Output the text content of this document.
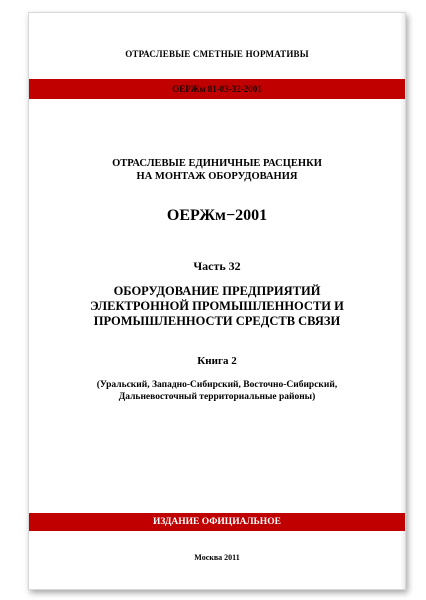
ОТРАСЛЕВЫЕ СМЕТНЫЕ НОРМАТИВЫ
ОЕРЖм 81-03-32-2001
ОТРАСЛЕВЫЕ ЕДИНИЧНЫЕ РАСЦЕНКИ
НА МОНТАЖ ОБОРУДОВАНИЯ
ОЕРЖм−2001
Часть 32
ОБОРУДОВАНИЕ ПРЕДПРИЯТИЙ
ЭЛЕКТРОННОЙ ПРОМЫШЛЕННОСТИ И
ПРОМЫШЛЕННОСТИ СРЕДСТВ СВЯЗИ
Книга 2
(Уральский, Западно-Сибирский, Восточно-Сибирский,
Дальневосточный территориальные районы)
ИЗДАНИЕ ОФИЦИАЛЬНОЕ
Москва 2011
